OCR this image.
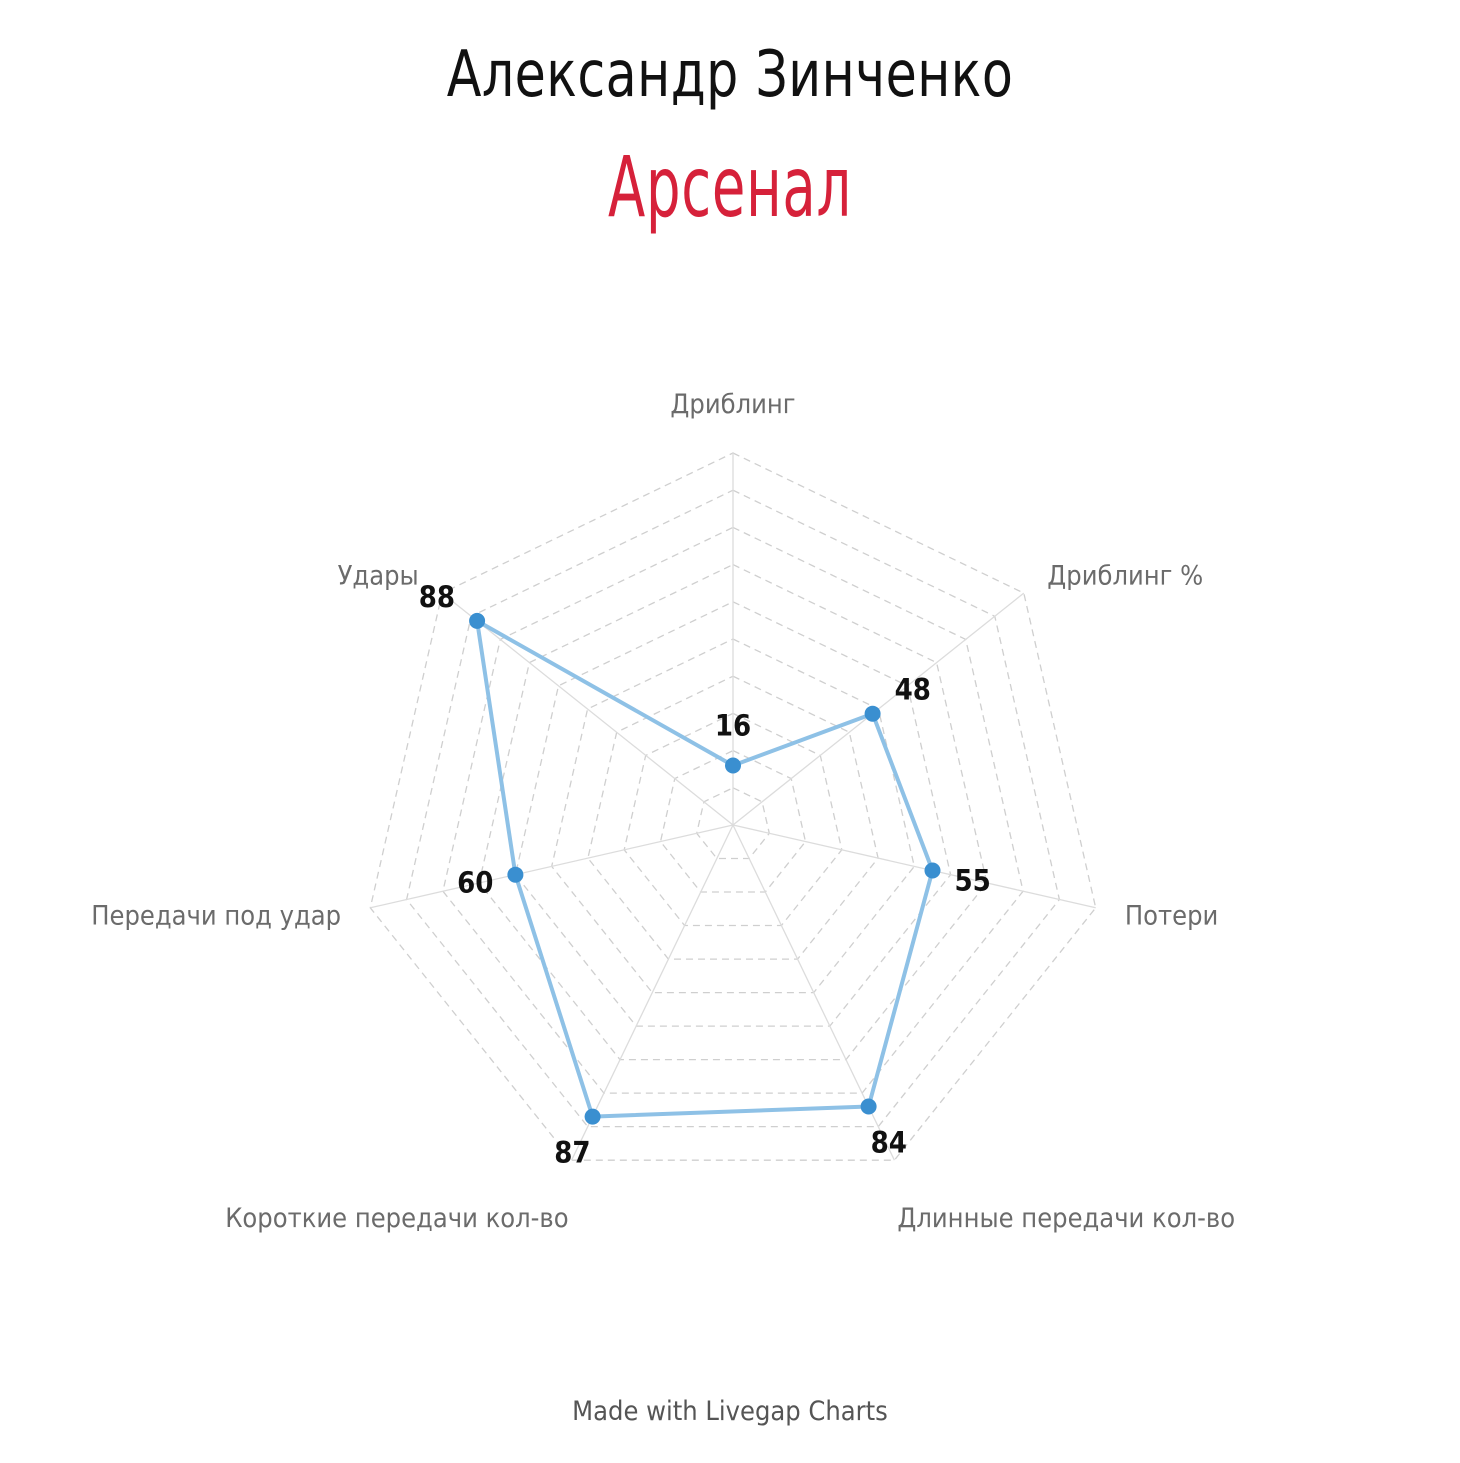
Александр Зинченко
Арсенал
16
48
55
84
87
60
88
Дриблинг
Дриблинг %
Потери
Длинные передачи кол-во
Короткие передачи кол-во
Передачи под удар
Удары
Made with Livegap Charts
